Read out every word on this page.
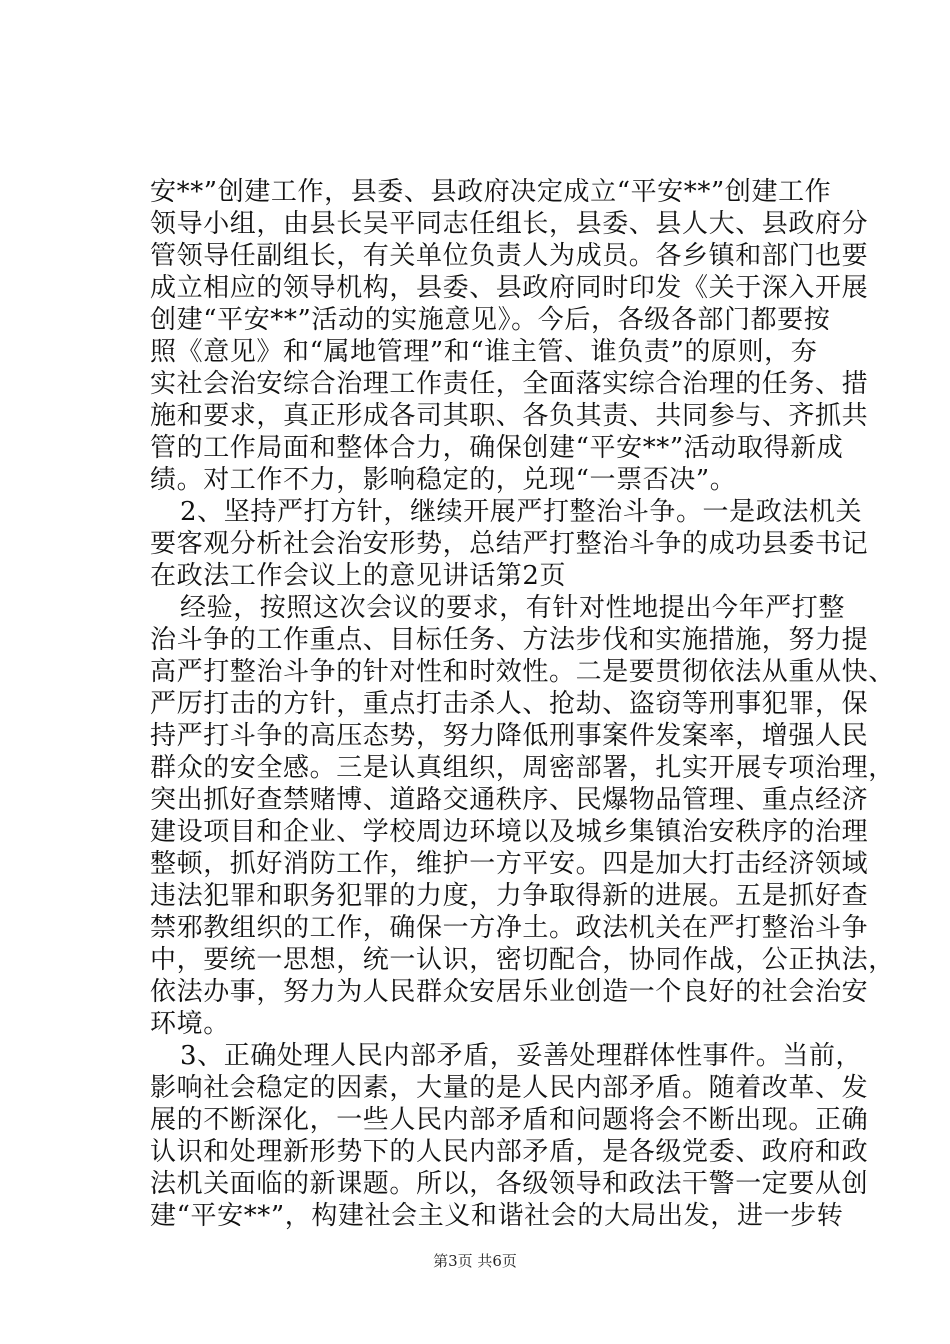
安**”创建工作，县委、县政府决定成立“平安**”创建工作
领导小组，由县长吴平同志任组长，县委、县人大、县政府分
管领导任副组长，有关单位负责人为成员。各乡镇和部门也要
成立相应的领导机构，县委、县政府同时印发《关于深入开展
创建“平安**”活动的实施意见》。今后，各级各部门都要按
照《意见》和“属地管理”和“谁主管、谁负责”的原则，夯
实社会治安综合治理工作责任，全面落实综合治理的任务、措
施和要求，真正形成各司其职、各负其责、共同参与、齐抓共
管的工作局面和整体合力，确保创建“平安**”活动取得新成
绩。对工作不力，影响稳定的，兑现“一票否决”。
2、坚持严打方针，继续开展严打整治斗争。一是政法机关
要客观分析社会治安形势，总结严打整治斗争的成功县委书记
在政法工作会议上的意见讲话第2页
经验，按照这次会议的要求，有针对性地提出今年严打整
治斗争的工作重点、目标任务、方法步伐和实施措施，努力提
高严打整治斗争的针对性和时效性。二是要贯彻依法从重从快、
严厉打击的方针，重点打击杀人、抢劫、盗窃等刑事犯罪，保
持严打斗争的高压态势，努力降低刑事案件发案率，增强人民
群众的安全感。三是认真组织，周密部署，扎实开展专项治理，
突出抓好查禁赌博、道路交通秩序、民爆物品管理、重点经济
建设项目和企业、学校周边环境以及城乡集镇治安秩序的治理
整顿，抓好消防工作，维护一方平安。四是加大打击经济领域
违法犯罪和职务犯罪的力度，力争取得新的进展。五是抓好查
禁邪教组织的工作，确保一方净土。政法机关在严打整治斗争
中，要统一思想，统一认识，密切配合，协同作战，公正执法，
依法办事，努力为人民群众安居乐业创造一个良好的社会治安
环境。
3、正确处理人民内部矛盾，妥善处理群体性事件。当前，
影响社会稳定的因素，大量的是人民内部矛盾。随着改革、发
展的不断深化，一些人民内部矛盾和问题将会不断出现。正确
认识和处理新形势下的人民内部矛盾，是各级党委、政府和政
法机关面临的新课题。所以，各级领导和政法干警一定要从创
建“平安**”，构建社会主义和谐社会的大局出发，进一步转
第3页 共6页
